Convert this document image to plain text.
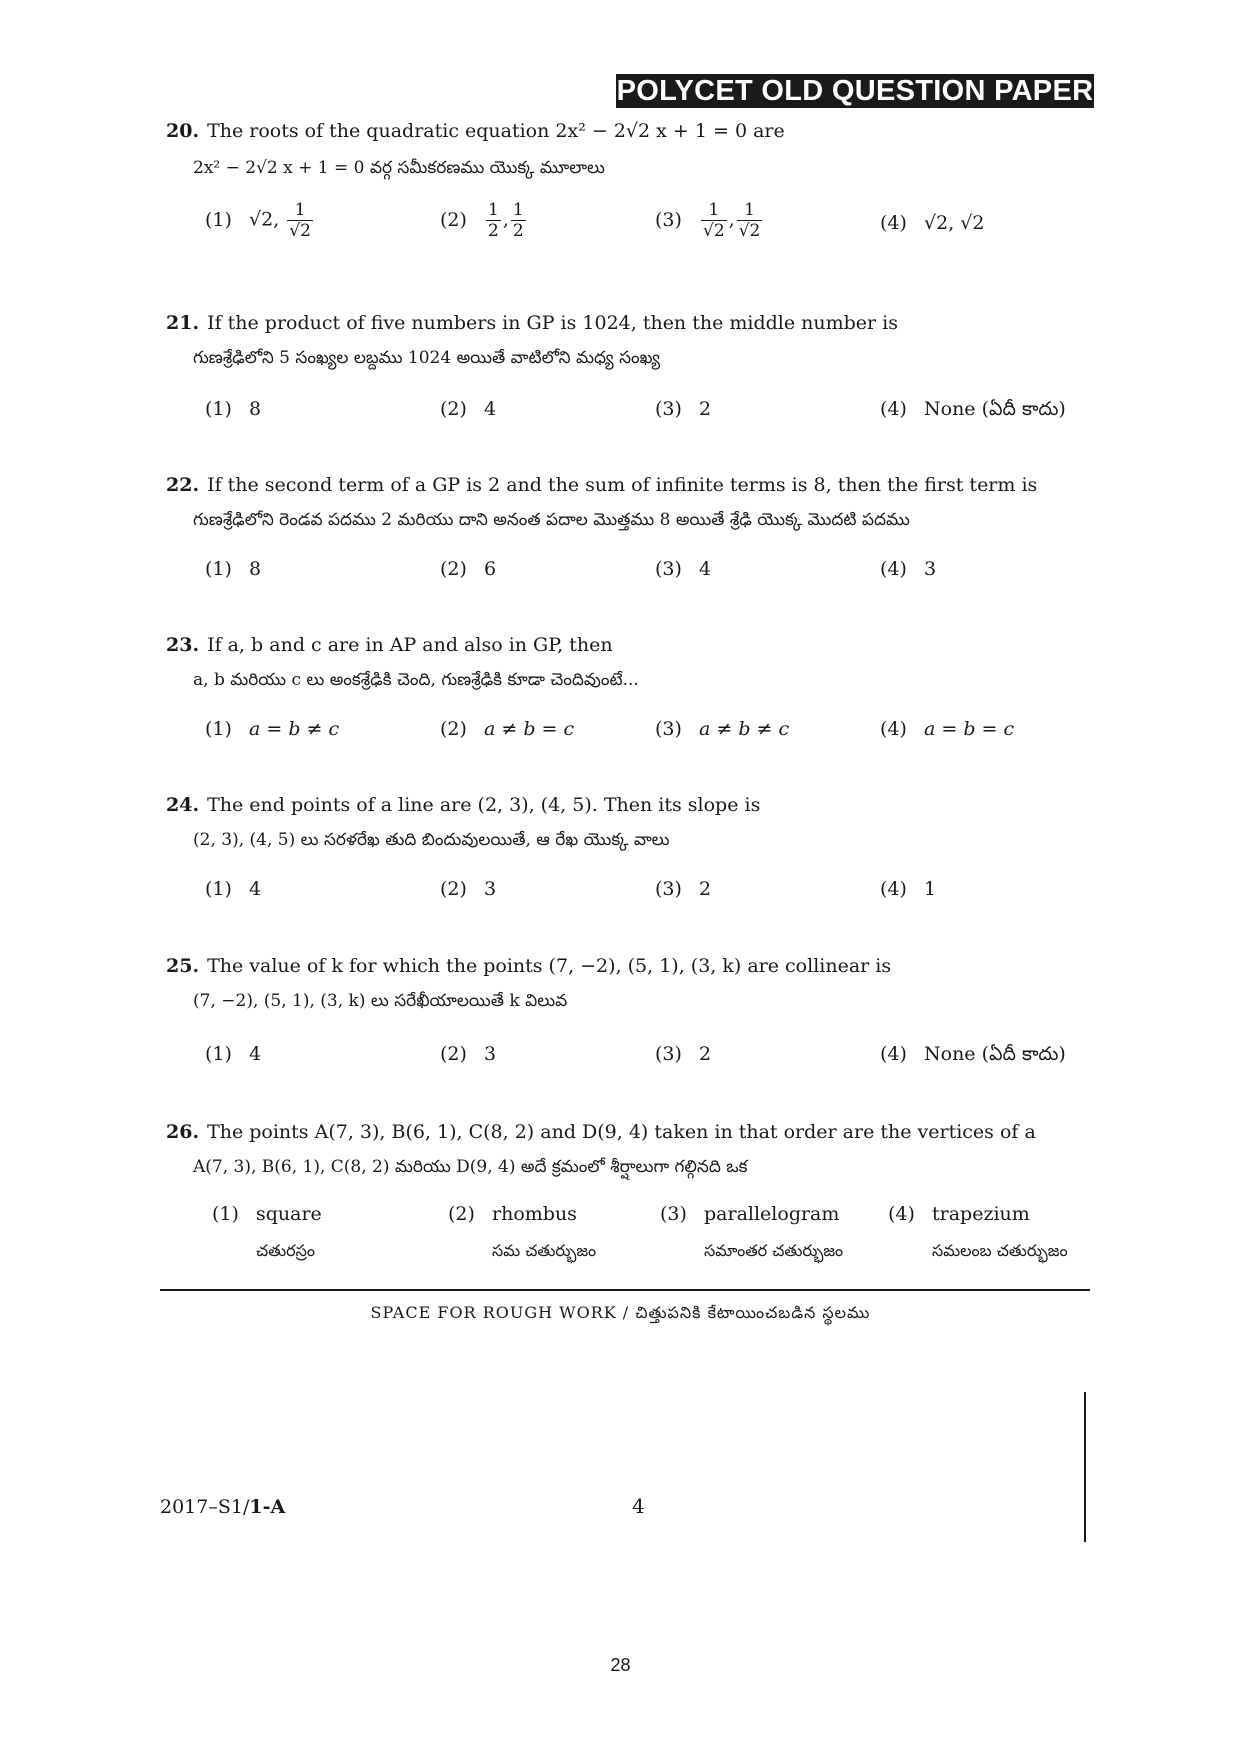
POLYCET OLD QUESTION PAPER
20. The roots of the quadratic equation 2x² − 2√2 x + 1 = 0 are
2x² − 2√2 x + 1 = 0 వర్గ సమీకరణము యొక్క మూలాలు
(1) √2, $\frac{1}{√2}$	$(2) \frac{1}{2}$ , $\frac{1}{2}$	$(3) \frac{1}{√2}$ , $\frac{1}{√2}$	(4) √2, √2
21. If the product of five numbers in GP is 1024, then the middle number is
గుణశ్రేఢిలోని 5 సంఖ్యల లబ్దము 1024 అయితే వాటిలోని మధ్య సంఖ్య
(1) 8	(2) 4	(3) 2	(4) None (ఏదీ కాదు)
22. If the second term of a GP is 2 and the sum of infinite terms is 8, then the first term is
గుణశ్రేఢిలోని రెండవ పదము 2 మరియు దాని అనంత పదాల మొత్తము 8 అయితే శ్రేఢి యొక్క మొదటి పదము
(1) 8	(2) 6	(3) 4	(4) 3
23. If a, b and c are in AP and also in GP, then
a, b మరియు c లు అంకశ్రేఢికి చెంది, గుణశ్రేఢికి కూడా చెందివుంటే...
(1) a = b ≠ c	(2) a ≠ b = c	(3) a ≠ b ≠ c	(4) a = b = c
24. The end points of a line are (2, 3), (4, 5). Then its slope is
(2, 3), (4, 5) లు సరళరేఖ తుది బిందువులయితే, ఆ రేఖ యొక్క వాలు
(1) 4	(2) 3	(3) 2	(4) 1
25. The value of k for which the points (7, −2), (5, 1), (3, k) are collinear is
(7, −2), (5, 1), (3, k) లు సరేఖీయాలయితే k విలువ
(1) 4	(2) 3	(3) 2	(4) None (ఏదీ కాదు)
26. The points A(7, 3), B(6, 1), C(8, 2) and D(9, 4) taken in that order are the vertices of a
A(7, 3), B(6, 1), C(8, 2) మరియు D(9, 4) అదే క్రమంలో శీర్షాలుగా గల్గినది ఒక
(1) square
చతురస్రం
(2) rhombus
సమ చతుర్భుజం
(3) parallelogram
సమాంతర చతుర్భుజం
(4) trapezium
సమలంబ చతుర్భుజం
SPACE FOR ROUGH WORK / చిత్తుపనికి కేటాయించబడిన స్థలము
2017–S1/1-A	4
28
